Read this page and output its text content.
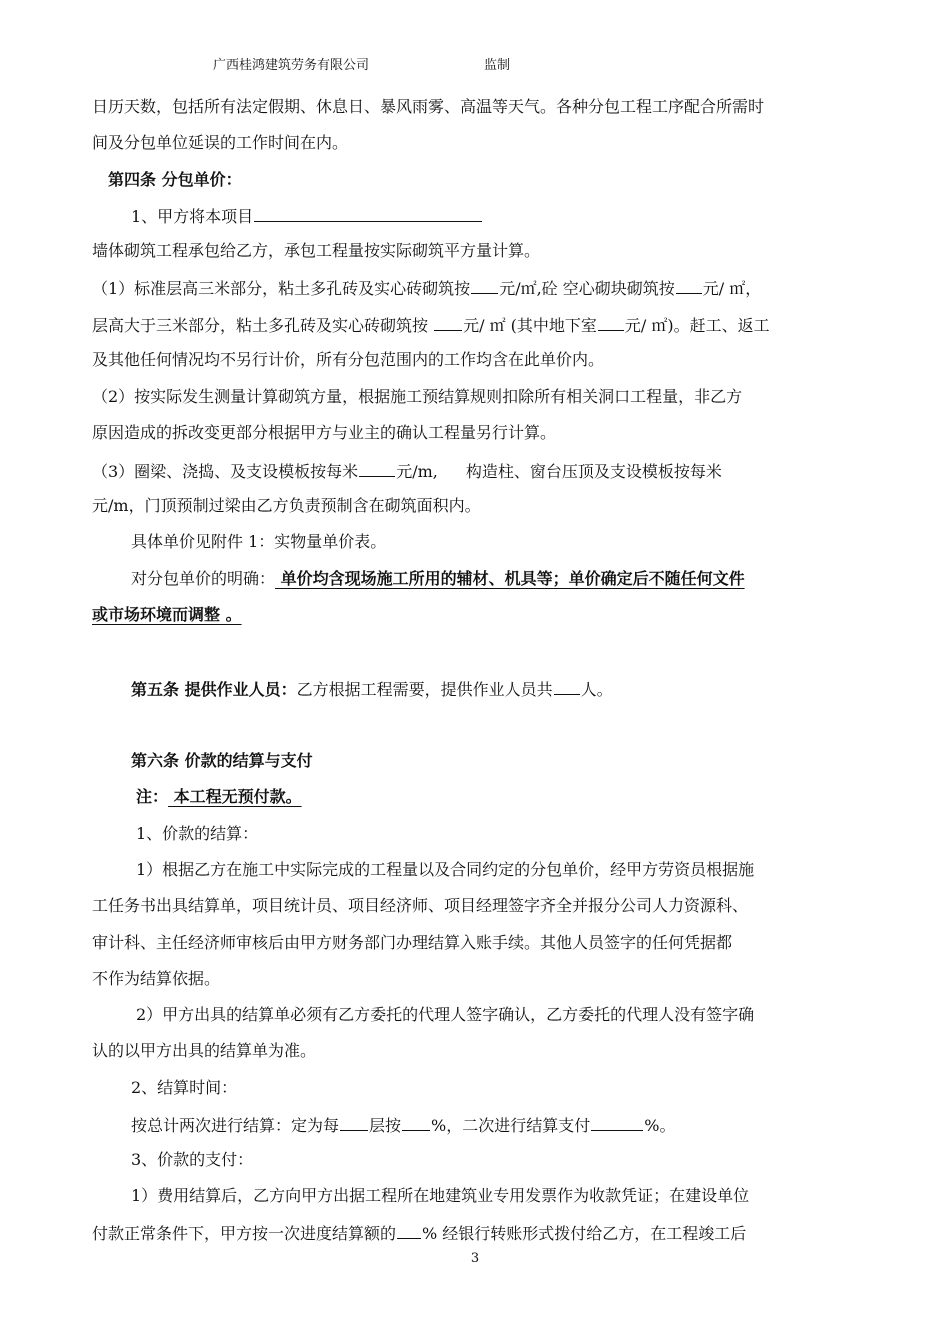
广西桂鸿建筑劳务有限公司	监制
日历天数，包括所有法定假期、休息日、暴风雨雾、高温等天气。各种分包工程工序配合所需时
间及分包单位延误的工作时间在内。
第四条 分包单价：
1、甲方将本项目
墙体砌筑工程承包给乙方，承包工程量按实际砌筑平方量计算。
（1）标准层高三米部分，粘土多孔砖及实心砖砌筑按 元/㎡,砼 空心砌块砌筑按 元/ ㎡，
层高大于三米部分，粘土多孔砖及实心砖砌筑按 元/ ㎡ (其中地下室 元/ ㎡)。赶工、返工
及其他任何情况均不另行计价，所有分包范围内的工作均含在此单价内。
（2）按实际发生测量计算砌筑方量，根据施工预结算规则扣除所有相关洞口工程量，非乙方
原因造成的拆改变更部分根据甲方与业主的确认工程量另行计算。
（3）圈梁、浇捣、及支设模板按每米 元/m, 构造柱、窗台压顶及支设模板按每米
元/m，门顶预制过梁由乙方负责预制含在砌筑面积内。
具体单价见附件 1：实物量单价表。
对分包单价的明确： 单价均含现场施工所用的辅材、机具等；单价确定后不随任何文件
或市场环境而调整 。
第五条 提供作业人员：乙方根据工程需要，提供作业人员共 人。
第六条 价款的结算与支付
注： 本工程无预付款。
1、价款的结算：
1）根据乙方在施工中实际完成的工程量以及合同约定的分包单价，经甲方劳资员根据施
工任务书出具结算单，项目统计员、项目经济师、项目经理签字齐全并报分公司人力资源科、
审计科、主任经济师审核后由甲方财务部门办理结算入账手续。其他人员签字的任何凭据都
不作为结算依据。
2）甲方出具的结算单必须有乙方委托的代理人签字确认，乙方委托的代理人没有签字确
认的以甲方出具的结算单为准。
2、结算时间：
按总计两次进行结算：定为每 层按 %，二次进行结算支付	%。
3、价款的支付：
1）费用结算后，乙方向甲方出据工程所在地建筑业专用发票作为收款凭证；在建设单位
付款正常条件下，甲方按一次进度结算额的 % 经银行转账形式拨付给乙方，在工程竣工后
3
